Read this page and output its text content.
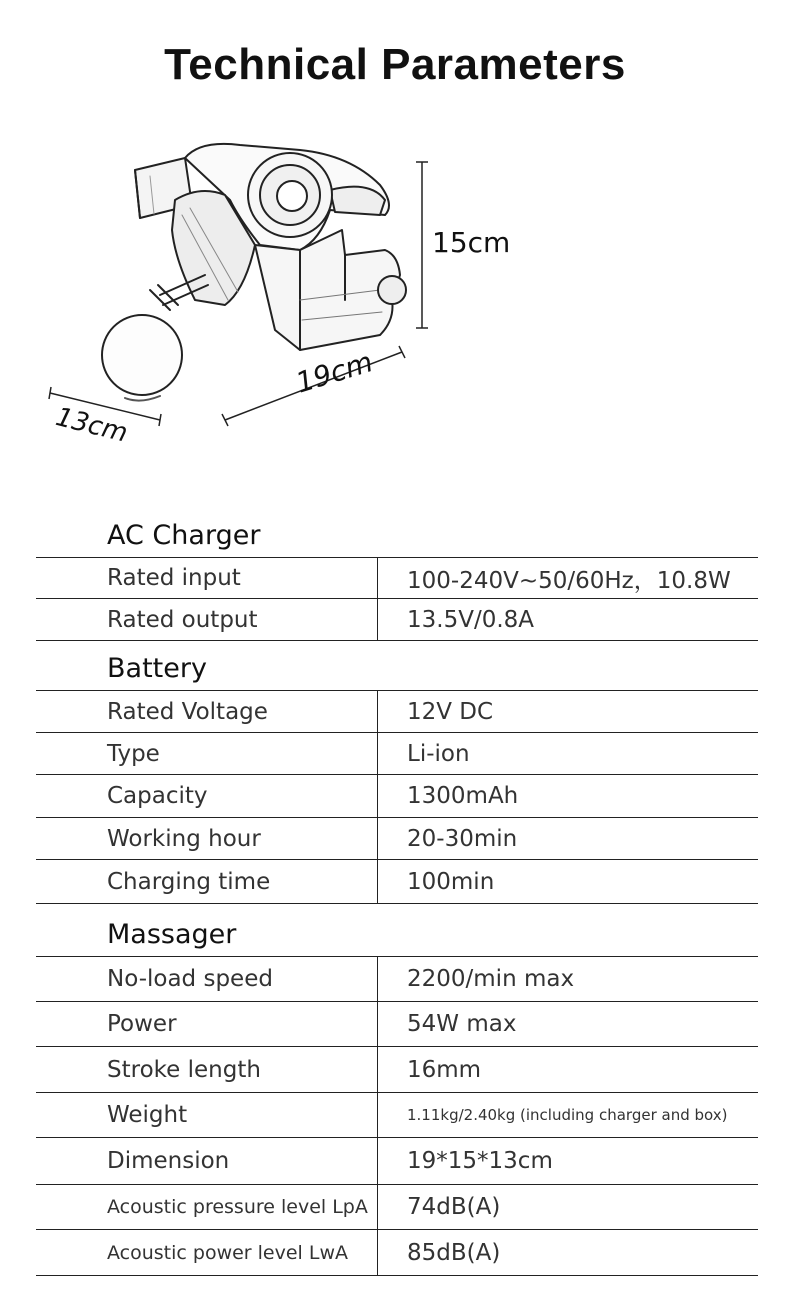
Technical Parameters
15cm
19cm
13cm
AC Charger
Rated input	100-240V~50/60Hz，10.8W
Rated output	13.5V/0.8A
Battery
Rated Voltage	12V DC
Type	Li-ion
Capacity	1300mAh
Working hour	20-30min
Charging time	100min
Massager
No-load speed	2200/min max
Power	54W max
Stroke length	16mm
Weight	1.11kg/2.40kg (including charger and box)
Dimension	19*15*13cm
Acoustic pressure level LpA 74dB(A)
Acoustic power level LwA	85dB(A)
